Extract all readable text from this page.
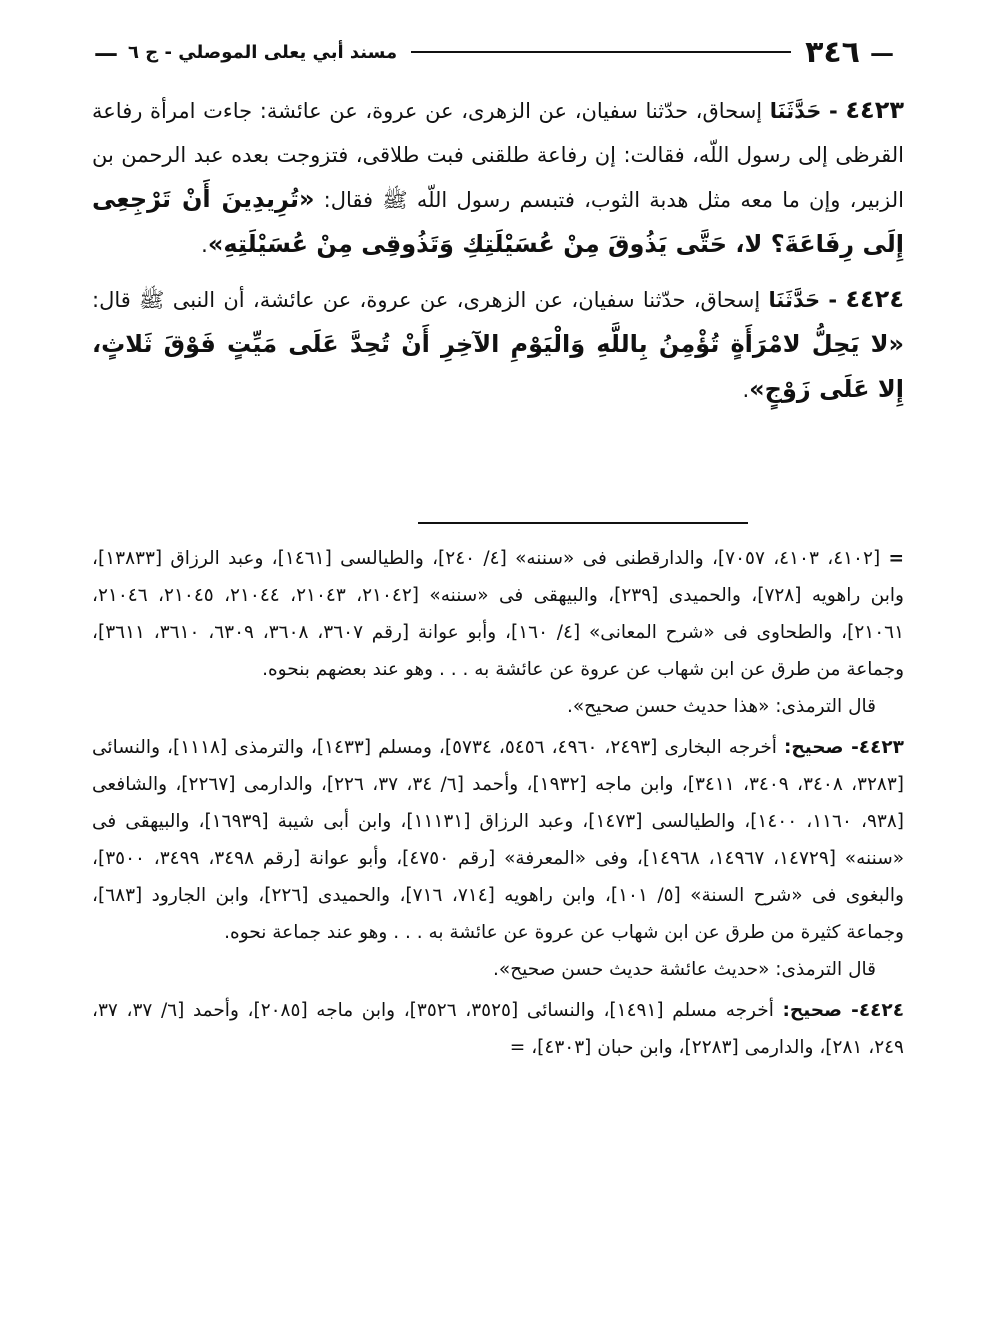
—
٣٤٦
مسند أبي يعلى الموصلي - ج ٦
—

٤٤٢٣ - حَدَّثَنَا إسحاق، حدّثنا سفيان، عن الزهرى، عن عروة، عن عائشة: جاءت امرأة رفاعة القرظى إلى رسول اللّه، فقالت: إن رفاعة طلقنى فبت طلاقى، فتزوجت بعده عبد الرحمن بن الزبير، وإن ما معه مثل هدبة الثوب، فتبسم رسول اللّه ﷺ فقال: «تُرِيدِينَ أَنْ تَرْجِعِى إِلَى رِفَاعَةَ؟ لا، حَتَّى يَذُوقَ مِنْ عُسَيْلَتِكِ وَتَذُوقِى مِنْ عُسَيْلَتِهِ».

٤٤٢٤ - حَدَّثَنَا إسحاق، حدّثنا سفيان، عن الزهرى، عن عروة، عن عائشة، أن النبى ﷺ قال: «لا يَحِلُّ لامْرَأَةٍ تُؤْمِنُ بِاللَّهِ وَالْيَوْمِ الآخِرِ أَنْ تُحِدَّ عَلَى مَيِّتٍ فَوْقَ ثَلاثٍ، إِلا عَلَى زَوْجٍ».

= [٤١٠٢، ٤١٠٣، ٧٠٥٧]، والدارقطنى فى «سننه» [٤/ ٢٤٠]، والطيالسى [١٤٦١]، وعبد الرزاق [١٣٨٣٣]، وابن راهويه [٧٢٨]، والحميدى [٢٣٩]، والبيهقى فى «سننه» [٢١٠٤٢، ٢١٠٤٣، ٢١٠٤٤، ٢١٠٤٥، ٢١٠٤٦، ٢١٠٦١]، والطحاوى فى «شرح المعانى» [٤/ ١٦٠]، وأبو عوانة [رقم ٣٦٠٧، ٣٦٠٨، ٦٣٠٩، ٣٦١٠، ٣٦١١]، وجماعة من طرق عن ابن شهاب عن عروة عن عائشة به . . . وهو عند بعضهم بنحوه.

قال الترمذى: «هذا حديث حسن صحيح».

٤٤٢٣- صحيح: أخرجه البخارى [٢٤٩٣، ٤٩٦٠، ٥٤٥٦، ٥٧٣٤]، ومسلم [١٤٣٣]، والترمذى [١١١٨]، والنسائى [٣٢٨٣، ٣٤٠٨، ٣٤٠٩، ٣٤١١]، وابن ماجه [١٩٣٢]، وأحمد [٦/ ٣٤، ٣٧، ٢٢٦]، والدارمى [٢٢٦٧]، والشافعى [٩٣٨، ١١٦٠، ١٤٠٠]، والطيالسى [١٤٧٣]، وعبد الرزاق [١١١٣١]، وابن أبى شيبة [١٦٩٣٩]، والبيهقى فى «سننه» [١٤٧٢٩، ١٤٩٦٧، ١٤٩٦٨]، وفى «المعرفة» [رقم ٤٧٥٠]، وأبو عوانة [رقم ٣٤٩٨، ٣٤٩٩، ٣٥٠٠]، والبغوى فى «شرح السنة» [٥/ ١٠١]، وابن راهويه [٧١٤، ٧١٦]، والحميدى [٢٢٦]، وابن الجارود [٦٨٣]، وجماعة كثيرة من طرق عن ابن شهاب عن عروة عن عائشة به . . . وهو عند جماعة نحوه.

قال الترمذى: «حديث عائشة حديث حسن صحيح».

٤٤٢٤- صحيح: أخرجه مسلم [١٤٩١]، والنسائى [٣٥٢٥، ٣٥٢٦]، وابن ماجه [٢٠٨٥]، وأحمد [٦/ ٣٧، ٣٧، ٢٤٩، ٢٨١]، والدارمى [٢٢٨٣]، وابن حبان [٤٣٠٣]، =
